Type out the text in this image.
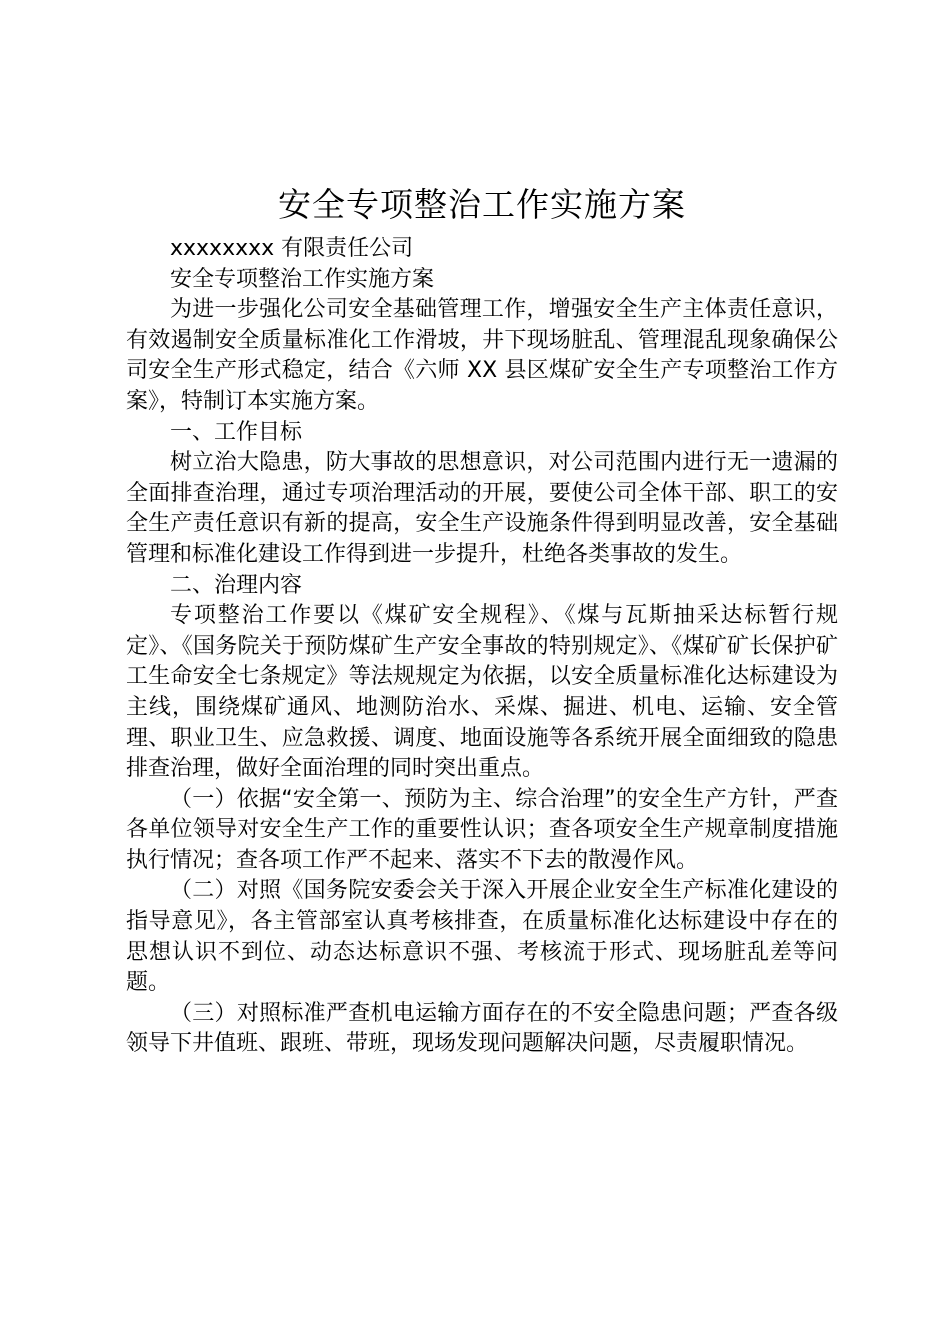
安全专项整治工作实施方案

xxxxxxxx 有限责任公司

安全专项整治工作实施方案

为进一步强化公司安全基础管理工作，增强安全生产主体责任意识，有效遏制安全质量标准化工作滑坡，井下现场脏乱、管理混乱现象确保公司安全生产形式稳定，结合《六师 XX 县区煤矿安全生产专项整治工作方案》，特制订本实施方案。

一、工作目标

树立治大隐患，防大事故的思想意识，对公司范围内进行无一遗漏的全面排查治理，通过专项治理活动的开展，要使公司全体干部、职工的安全生产责任意识有新的提高，安全生产设施条件得到明显改善，安全基础管理和标准化建设工作得到进一步提升，杜绝各类事故的发生。

二、治理内容

专项整治工作要以《煤矿安全规程》、《煤与瓦斯抽采达标暂行规定》、《国务院关于预防煤矿生产安全事故的特别规定》、《煤矿矿长保护矿工生命安全七条规定》等法规规定为依据，以安全质量标准化达标建设为主线，围绕煤矿通风、地测防治水、采煤、掘进、机电、运输、安全管理、职业卫生、应急救援、调度、地面设施等各系统开展全面细致的隐患排查治理，做好全面治理的同时突出重点。

（一）依据“安全第一、预防为主、综合治理”的安全生产方针，严查各单位领导对安全生产工作的重要性认识；查各项安全生产规章制度措施执行情况；查各项工作严不起来、落实不下去的散漫作风。

（二）对照《国务院安委会关于深入开展企业安全生产标准化建设的指导意见》，各主管部室认真考核排查，在质量标准化达标建设中存在的思想认识不到位、动态达标意识不强、考核流于形式、现场脏乱差等问题。

（三）对照标准严查机电运输方面存在的不安全隐患问题；严查各级领导下井值班、跟班、带班，现场发现问题解决问题，尽责履职情况。
